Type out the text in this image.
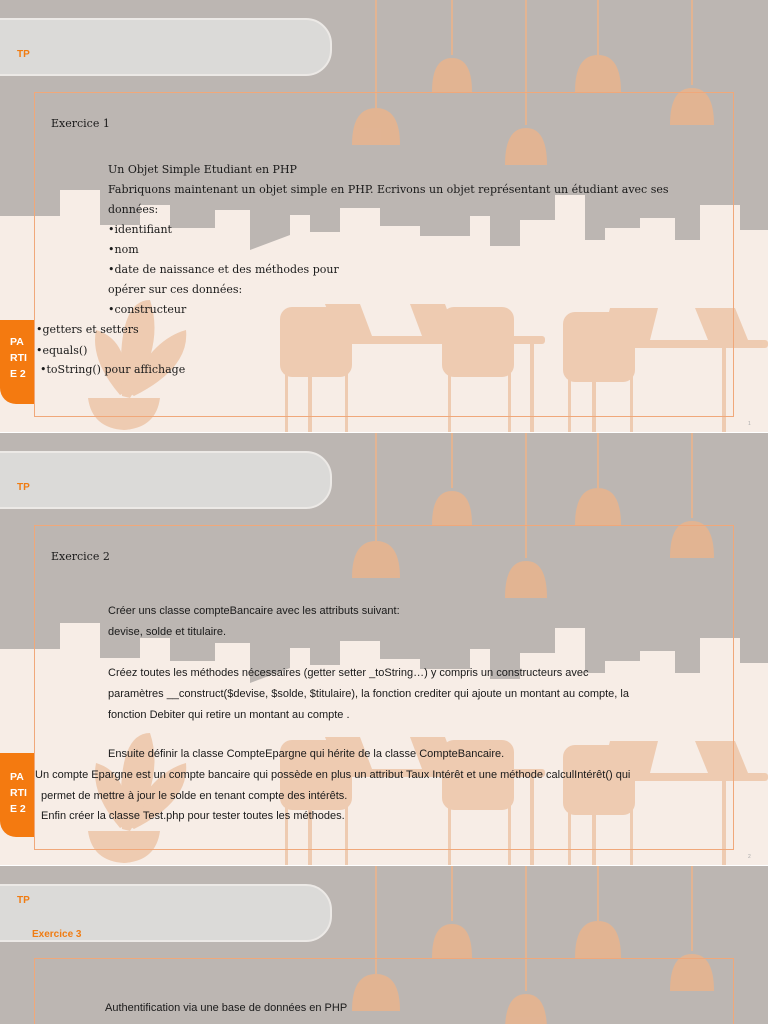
TP
PA
RTI
E 2
Exercice 1
Un Objet Simple Etudiant en PHP
Fabriquons maintenant un objet simple en PHP. Ecrivons un objet représentant un étudiant avec ses
données:
•identifiant
•nom
•date de naissance et des méthodes pour
opérer sur ces données:
•constructeur
•getters et setters
•equals()
•toString() pour affichage
1
TP
PA
RTI
E 2
Exercice 2
Créer uns classe compteBancaire avec les attributs suivant:
devise, solde et titulaire.
Créez toutes les méthodes nécessaires (getter setter _toString…) y compris un constructeurs avec
paramètres __construct($devise, $solde, $titulaire), la fonction crediter qui ajoute un montant au compte, la
fonction Debiter qui retire un montant au compte .
Ensuite définir la classe CompteEpargne qui hérite de la classe CompteBancaire.
Un compte Epargne est un compte bancaire qui possède en plus un attribut Taux Intérêt et une méthode calculIntérêt() qui
permet de mettre à jour le solde en tenant compte des intérêts.
Enfin créer la classe Test.php pour tester toutes les méthodes.
2
TP
Exercice 3
Authentification via une base de données en PHP
